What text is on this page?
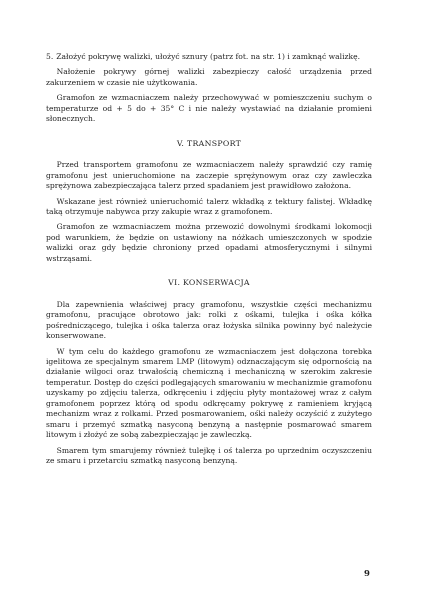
5. Założyć pokrywę walizki, ułożyć sznury (patrz fot. na str. 1) i zamknąć walizkę.

Nałożenie pokrywy górnej walizki zabezpieczy całość urządzenia przed zakurzeniem w czasie nie użytkowania.

Gramofon ze wzmacniaczem należy przechowywać w pomieszczeniu suchym o temperaturze od + 5 do + 35° C i nie należy wystawiać na działanie promieni słonecznych.

V. TRANSPORT

Przed transportem gramofonu ze wzmacniaczem należy sprawdzić czy ramię gramofonu jest unieruchomione na zaczepie sprężynowym oraz czy zawleczka sprężynowa zabezpieczająca talerz przed spadaniem jest prawidłowo założona.

Wskazane jest również unieruchomić talerz wkładką z tektury falistej. Wkładkę taką otrzymuje nabywca przy zakupie wraz z gramofonem.

Gramofon ze wzmacniaczem można przewozić dowolnymi środkami lokomocji pod warunkiem, że będzie on ustawiony na nóżkach umieszczonych w spodzie walizki oraz gdy będzie chroniony przed opadami atmosferycznymi i silnymi wstrząsami.

VI. KONSERWACJA

Dla zapewnienia właściwej pracy gramofonu, wszystkie części mechanizmu gramofonu, pracujące obrotowo jak: rolki z ośkami, tulejka i ośka kółka pośredniczącego, tulejka i ośka talerza oraz łożyska silnika powinny być należycie konserwowane.

W tym celu do każdego gramofonu ze wzmacniaczem jest dołączona torebka igelitowa ze specjalnym smarem LMP (litowym) odznaczającym się odpornością na działanie wilgoci oraz trwałością chemiczną i mechaniczną w szerokim zakresie temperatur. Dostęp do części podlegających smarowaniu w mechanizmie gramofonu uzyskamy po zdjęciu talerza, odkręceniu i zdjęciu płyty montażowej wraz z całym gramofonem poprzez którą od spodu odkręcamy pokrywę z ramieniem kryjącą mechanizm wraz z rolkami. Przed posmarowaniem, ośki należy oczyścić z zużytego smaru i przemyć szmatką nasyconą benzyną a następnie posmarować smarem litowym i złożyć ze sobą zabezpieczając je zawleczką.

Smarem tym smarujemy również tulejkę i oś talerza po uprzednim oczyszczeniu ze smaru i przetarciu szmatką nasyconą benzyną.

9
